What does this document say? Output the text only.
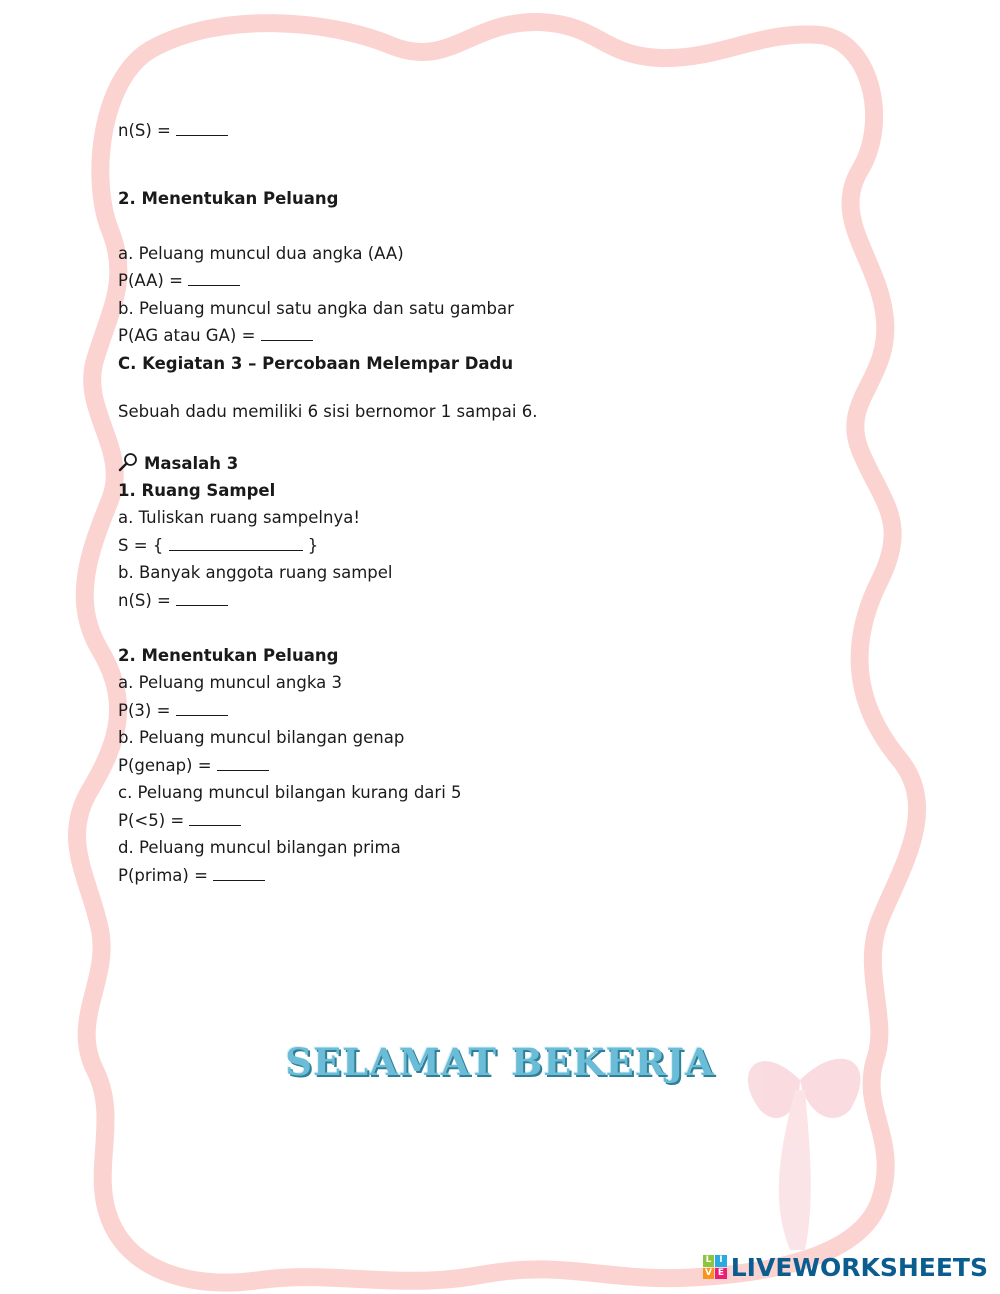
n(S) =
2. Menentukan Peluang
a. Peluang muncul dua angka (AA)
P(AA) =
b. Peluang muncul satu angka dan satu gambar
P(AG atau GA) =
C. Kegiatan 3 – Percobaan Melempar Dadu
Sebuah dadu memiliki 6 sisi bernomor 1 sampai 6.
Masalah 3
1. Ruang Sampel
a. Tuliskan ruang sampelnya!
S = {	}
b. Banyak anggota ruang sampel
n(S) =
2. Menentukan Peluang
a. Peluang muncul angka 3
P(3) =
b. Peluang muncul bilangan genap
P(genap) =
c. Peluang muncul bilangan kurang dari 5
P(<5) =
d. Peluang muncul bilangan prima
P(prima) =
SELAMAT BEKERJA
L I
V E LIVEWORKSHEETS
